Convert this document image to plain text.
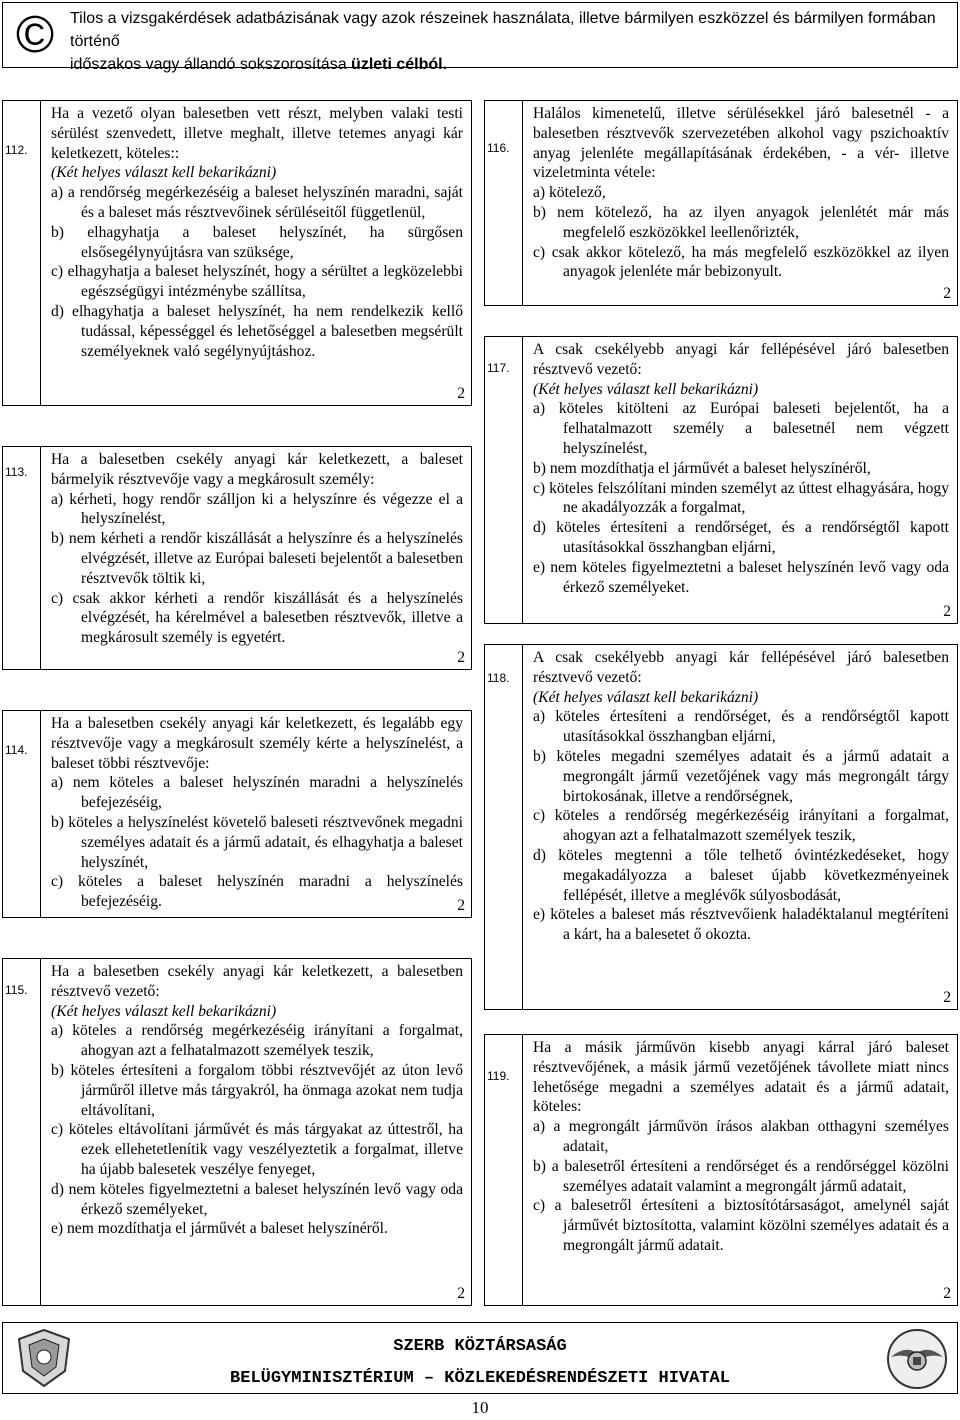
© Tilos a vizsgakérdések adatbázisának vagy azok részeinek használata, illetve bármilyen eszközzel és bármilyen formában történő
időszakos vagy állandó sokszorosítása üzleti célból.
112.

Ha a vezető olyan balesetben vett részt, melyben valaki testi sérülést szenvedett, illetve meghalt, illetve tetemes anyagi kár keletkezett, köteles::

(Két helyes választ kell bekarikázni)

a) a rendőrség megérkezéséig a baleset helyszínén maradni, saját és a baleset más résztvevőinek sérüléseitől függetlenül,

b) elhagyhatja a baleset helyszínét, ha sürgősen elsősegélynyújtásra van szüksége,

c) elhagyhatja a baleset helyszínét, hogy a sérültet a legközelebbi egészségügyi intézménybe szállítsa,

d) elhagyhatja a baleset helyszínét, ha nem rendelkezik kellő tudással, képességgel és lehetőséggel a balesetben megsérült személyeknek való segélynyújtáshoz.

2
113.

Ha a balesetben csekély anyagi kár keletkezett, a baleset bármelyik résztvevője vagy a megkárosult személy:

a) kérheti, hogy rendőr szálljon ki a helyszínre és végezze el a helyszínelést,

b) nem kérheti a rendőr kiszállását a helyszínre és a helyszínelés elvégzését, illetve az Európai baleseti bejelentőt a balesetben résztvevők töltik ki,

c) csak akkor kérheti a rendőr kiszállását és a helyszínelés elvégzését, ha kérelmével a balesetben résztvevők, illetve a megkárosult személy is egyetért.

2
114.

Ha a balesetben csekély anyagi kár keletkezett, és legalább egy résztvevője vagy a megkárosult személy kérte a helyszínelést, a baleset többi résztvevője:

a) nem köteles a baleset helyszínén maradni a helyszínelés befejezéséig,

b) köteles a helyszínelést követelő baleseti résztvevőnek megadni személyes adatait és a jármű adatait, és elhagyhatja a baleset helyszínét,

c) köteles a baleset helyszínén maradni a helyszínelés befejezéséig.	2
115.

Ha a balesetben csekély anyagi kár keletkezett, a balesetben résztvevő vezető:

(Két helyes választ kell bekarikázni)

a) köteles a rendőrség megérkezéséig irányítani a forgalmat, ahogyan azt a felhatalmazott személyek teszik,

b) köteles értesíteni a forgalom többi résztvevőjét az úton levő járműről illetve más tárgyakról, ha önmaga azokat nem tudja eltávolítani,

c) köteles eltávolítani járművét és más tárgyakat az úttestről, ha ezek ellehetetlenítik vagy veszélyeztetik a forgalmat, illetve ha újabb balesetek veszélye fenyeget,

d) nem köteles figyelmeztetni a baleset helyszínén levő vagy oda érkező személyeket,

e) nem mozdíthatja el járművét a baleset helyszínéről.

2
116.

Halálos kimenetelű, illetve sérülésekkel járó balesetnél - a balesetben résztvevők szervezetében alkohol vagy pszichoaktív anyag jelenléte megállapításának érdekében, - a vér- illetve vizeletminta vétele:

a) kötelező,

b) nem kötelező, ha az ilyen anyagok jelenlétét már más megfelelő eszközökkel leellenőrizték,

c) csak akkor kötelező, ha más megfelelő eszközökkel az ilyen anyagok jelenléte már bebizonyult.

2
117.

A csak csekélyebb anyagi kár fellépésével járó balesetben résztvevő vezető:

(Két helyes választ kell bekarikázni)

a) köteles kitölteni az Európai baleseti bejelentőt, ha a felhatalmazott személy a balesetnél nem végzett helyszínelést,

b) nem mozdíthatja el járművét a baleset helyszínéről,

c) köteles felszólítani minden személyt az úttest elhagyására, hogy ne akadályozzák a forgalmat,

d) köteles értesíteni a rendőrséget, és a rendőrségtől kapott utasításokkal összhangban eljárni,

e) nem köteles figyelmeztetni a baleset helyszínén levő vagy oda érkező személyeket.

2
118.

A csak csekélyebb anyagi kár fellépésével járó balesetben résztvevő vezető:

(Két helyes választ kell bekarikázni)

a) köteles értesíteni a rendőrséget, és a rendőrségtől kapott utasításokkal összhangban eljárni,

b) köteles megadni személyes adatait és a jármű adatait a megrongált jármű vezetőjének vagy más megrongált tárgy birtokosának, illetve a rendőrségnek,

c) köteles a rendőrség megérkezéséig irányítani a forgalmat, ahogyan azt a felhatalmazott személyek teszik,

d) köteles megtenni a tőle telhető óvintézkedéseket, hogy megakadályozza a baleset újabb következményeinek fellépését, illetve a meglévők súlyosbodását,

e) köteles a baleset más résztvevőienk haladéktalanul megtéríteni a kárt, ha a balesetet ő okozta.

2
119.

Ha a másik járművön kisebb anyagi kárral járó baleset résztvevőjének, a másik jármű vezetőjének távollete miatt nincs lehetősége megadni a személyes adatait és a jármű adatait, köteles:

a) a megrongált járművön írásos alakban otthagyni személyes adatait,

b) a balesetről értesíteni a rendőrséget és a rendőrséggel közölni személyes adatait valamint a megrongált jármű adatait,

c) a balesetről értesíteni a biztosítótársaságot, amelynél saját járművét biztosította, valamint közölni személyes adatait és a megrongált jármű adatait.

2
SZERB KÖZTÁRSASÁG
BELÜGYMINISZTÉRIUM – KÖZLEKEDÉSRENDÉSZETI HIVATAL
10
